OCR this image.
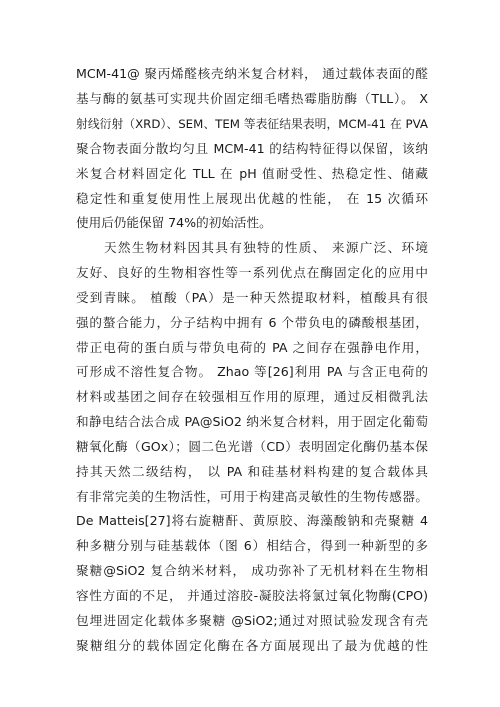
MCM-41@ 聚丙烯醛核壳纳米复合材料， 通过载体表面的醛
基与酶的氨基可实现共价固定细毛嗜热霉脂肪酶（TLL）。 X
射线衍射（XRD）、SEM、TEM 等表征结果表明，MCM-41 在 PVA
聚合物表面分散均匀且 MCM-41 的结构特征得以保留，该纳
米复合材料固定化 TLL 在 pH 值耐受性、热稳定性、储藏
稳定性和重复使用性上展现出优越的性能， 在 15 次循环
使用后仍能保留 74%的初始活性。
天然生物材料因其具有独特的性质、 来源广泛、环境
友好、良好的生物相容性等一系列优点在酶固定化的应用中
受到青睐。 植酸（PA）是一种天然提取材料，植酸具有很
强的螯合能力，分子结构中拥有 6 个带负电的磷酸根基团，
带正电荷的蛋白质与带负电荷的 PA 之间存在强静电作用，
可形成不溶性复合物。 Zhao 等[26]利用 PA 与含正电荷的
材料或基团之间存在较强相互作用的原理，通过反相微乳法
和静电结合法合成 PA@SiO2 纳米复合材料，用于固定化葡萄
糖氧化酶（GOx）；圆二色光谱（CD）表明固定化酶仍基本保
持其天然二级结构， 以 PA 和硅基材料构建的复合载体具
有非常完美的生物活性，可用于构建高灵敏性的生物传感器。
De Matteis[27]将右旋糖酐、黄原胶、海藻酸钠和壳聚糖 4
种多糖分别与硅基载体（图 6）相结合，得到一种新型的多
聚糖@SiO2 复合纳米材料， 成功弥补了无机材料在生物相
容性方面的不足， 并通过溶胶-凝胶法将氯过氧化物酶(CPO)
包埋进固定化载体多聚糖 @SiO2;通过对照试验发现含有壳
聚糖组分的载体固定化酶在各方面展现出了最为优越的性
